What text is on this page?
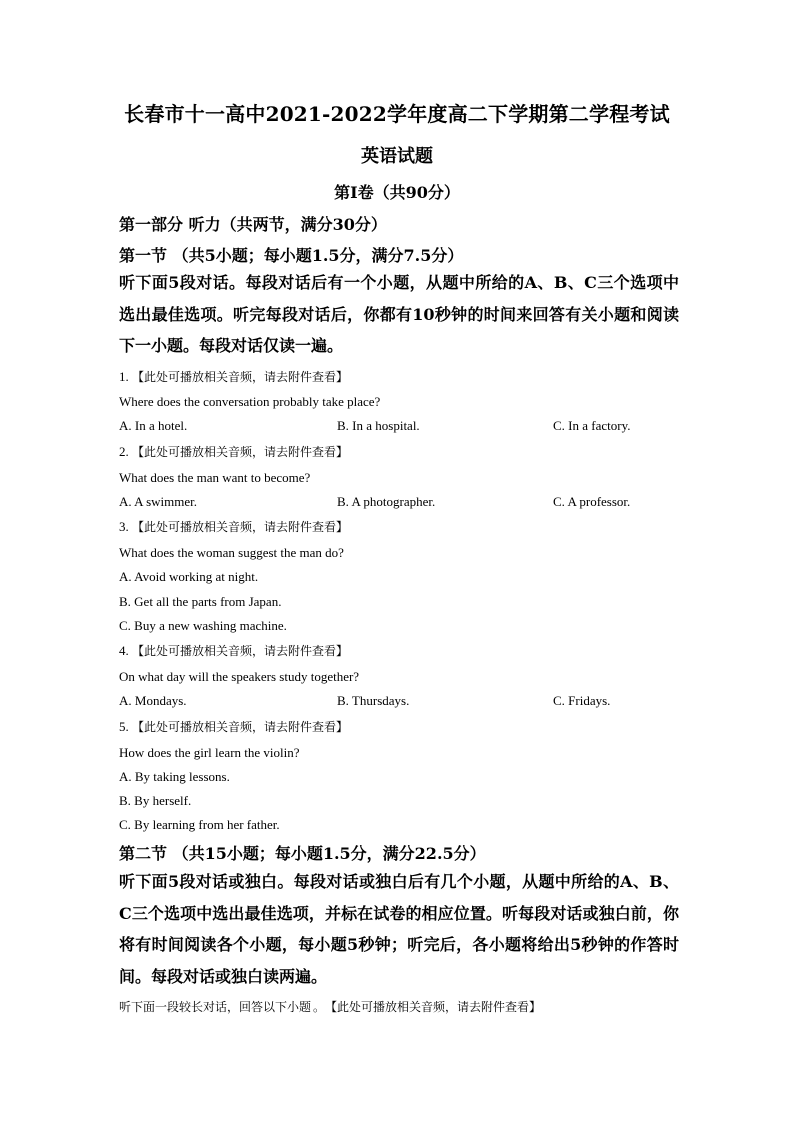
长春市十一高中2021-2022学年度高二下学期第二学程考试
英语试题
第I卷（共90分）
第一部分 听力（共两节，满分30分）
第一节 （共5小题；每小题1.5分，满分7.5分）
听下面5段对话。每段对话后有一个小题，从题中所给的A、B、C三个选项中选出最佳选项。听完每段对话后，你都有10秒钟的时间来回答有关小题和阅读下一小题。每段对话仅读一遍。
1. 【此处可播放相关音频，请去附件查看】
Where does the conversation probably take place?
A. In a hotel.	B. In a hospital.	C. In a factory.
2. 【此处可播放相关音频，请去附件查看】
What does the man want to become?
A. A swimmer.	B. A photographer.	C. A professor.
3. 【此处可播放相关音频，请去附件查看】
What does the woman suggest the man do?
A. Avoid working at night.
B. Get all the parts from Japan.
C. Buy a new washing machine.
4. 【此处可播放相关音频，请去附件查看】
On what day will the speakers study together?
A. Mondays.	B. Thursdays.	C. Fridays.
5. 【此处可播放相关音频，请去附件查看】
How does the girl learn the violin?
A. By taking lessons.
B. By herself.
C. By learning from her father.
第二节 （共15小题；每小题1.5分，满分22.5分）
听下面5段对话或独白。每段对话或独白后有几个小题，从题中所给的A、B、C三个选项中选出最佳选项，并标在试卷的相应位置。听每段对话或独白前，你将有时间阅读各个小题，每小题5秒钟；听完后，各小题将给出5秒钟的作答时间。每段对话或独白读两遍。
听下面一段较长对话，回答以下小题 。 【此处可播放相关音频，请去附件查看】
